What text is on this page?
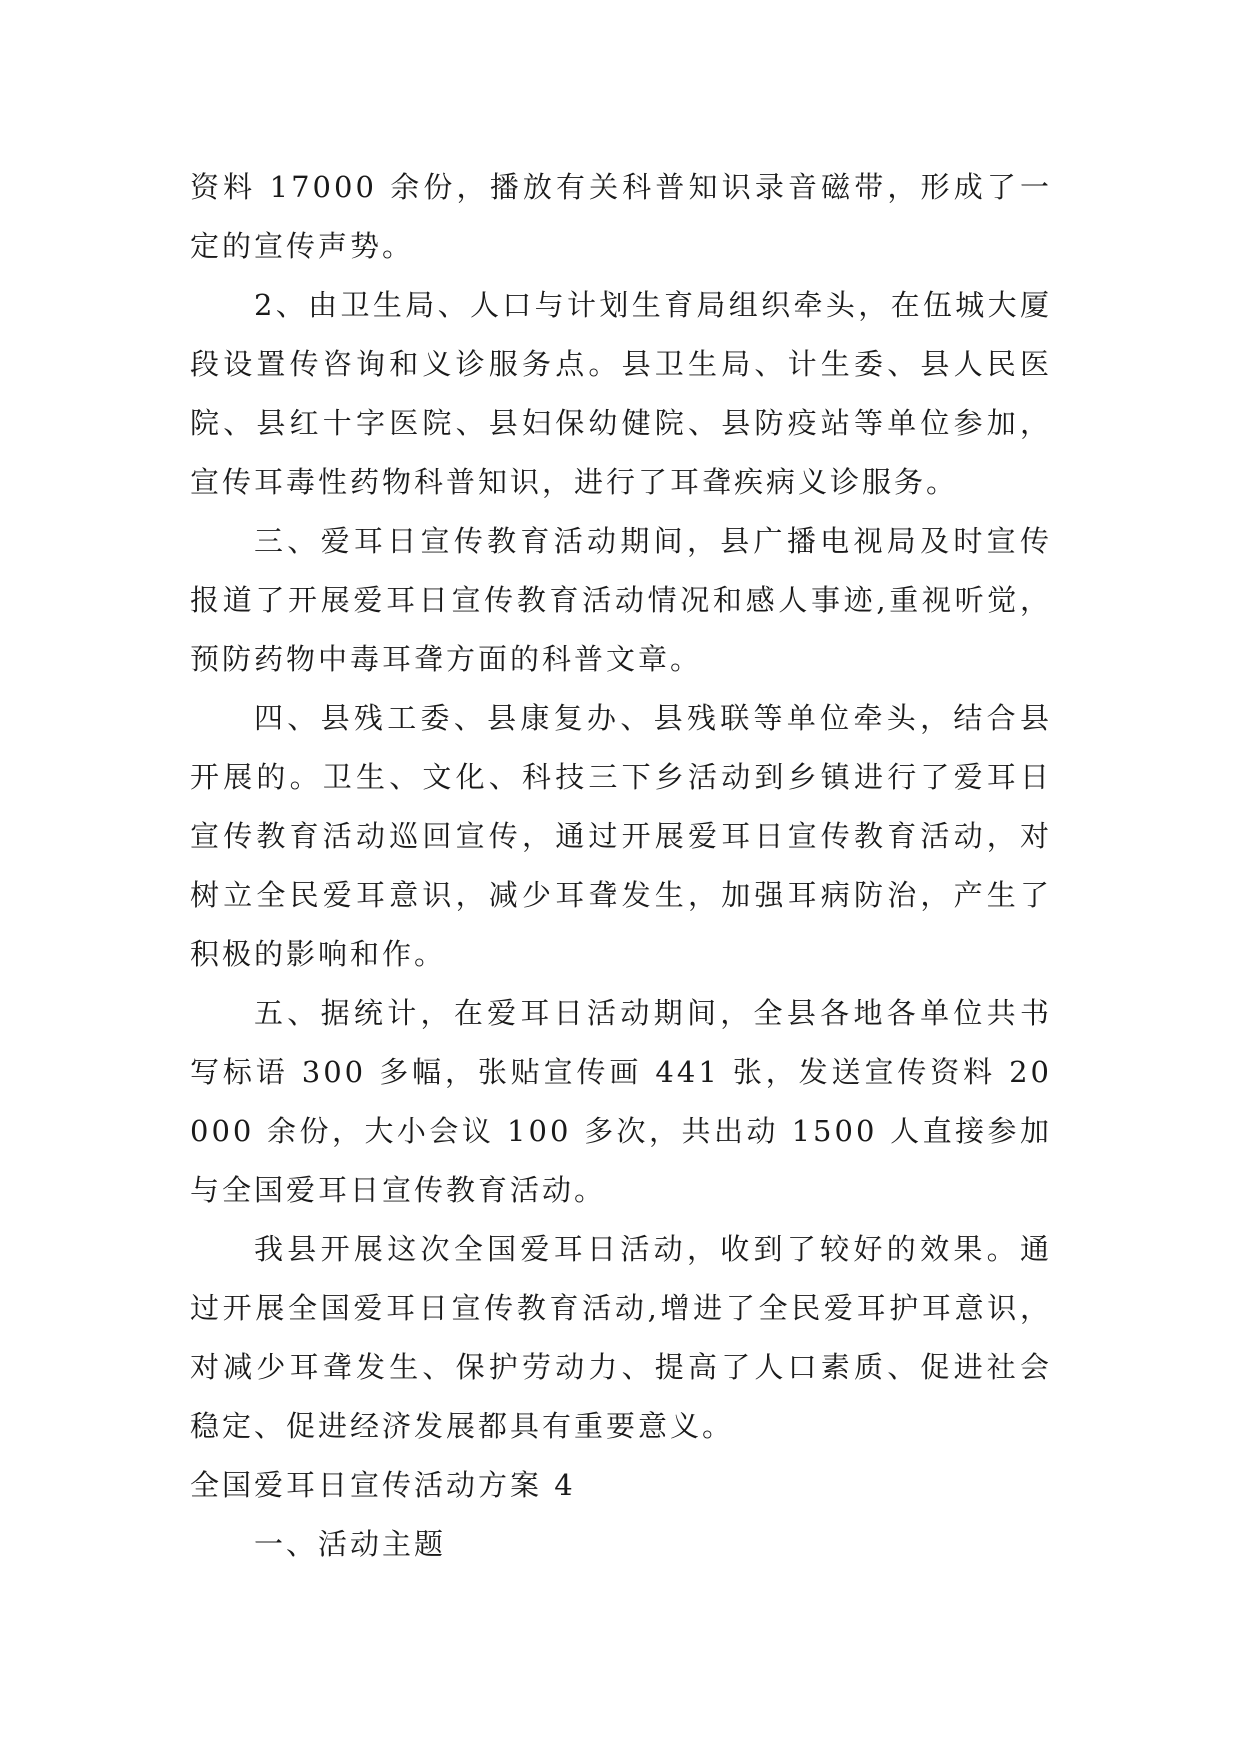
资料 17000 余份，播放有关科普知识录音磁带，形成了一定的宣传声势。

2、由卫生局、人口与计划生育局组织牵头，在伍城大厦段设置传咨询和义诊服务点。县卫生局、计生委、县人民医院、县红十字医院、县妇保幼健院、县防疫站等单位参加，宣传耳毒性药物科普知识，进行了耳聋疾病义诊服务。

三、爱耳日宣传教育活动期间，县广播电视局及时宣传报道了开展爱耳日宣传教育活动情况和感人事迹,重视听觉，预防药物中毒耳聋方面的科普文章。

四、县残工委、县康复办、县残联等单位牵头，结合县开展的。卫生、文化、科技三下乡活动到乡镇进行了爱耳日宣传教育活动巡回宣传，通过开展爱耳日宣传教育活动，对树立全民爱耳意识，减少耳聋发生，加强耳病防治，产生了积极的影响和作。

五、据统计，在爱耳日活动期间，全县各地各单位共书写标语 300 多幅，张贴宣传画 441 张，发送宣传资料 20000 余份，大小会议 100 多次，共出动 1500 人直接参加与全国爱耳日宣传教育活动。

我县开展这次全国爱耳日活动，收到了较好的效果。通过开展全国爱耳日宣传教育活动,增进了全民爱耳护耳意识，对减少耳聋发生、保护劳动力、提高了人口素质、促进社会稳定、促进经济发展都具有重要意义。

全国爱耳日宣传活动方案 4

一、活动主题
